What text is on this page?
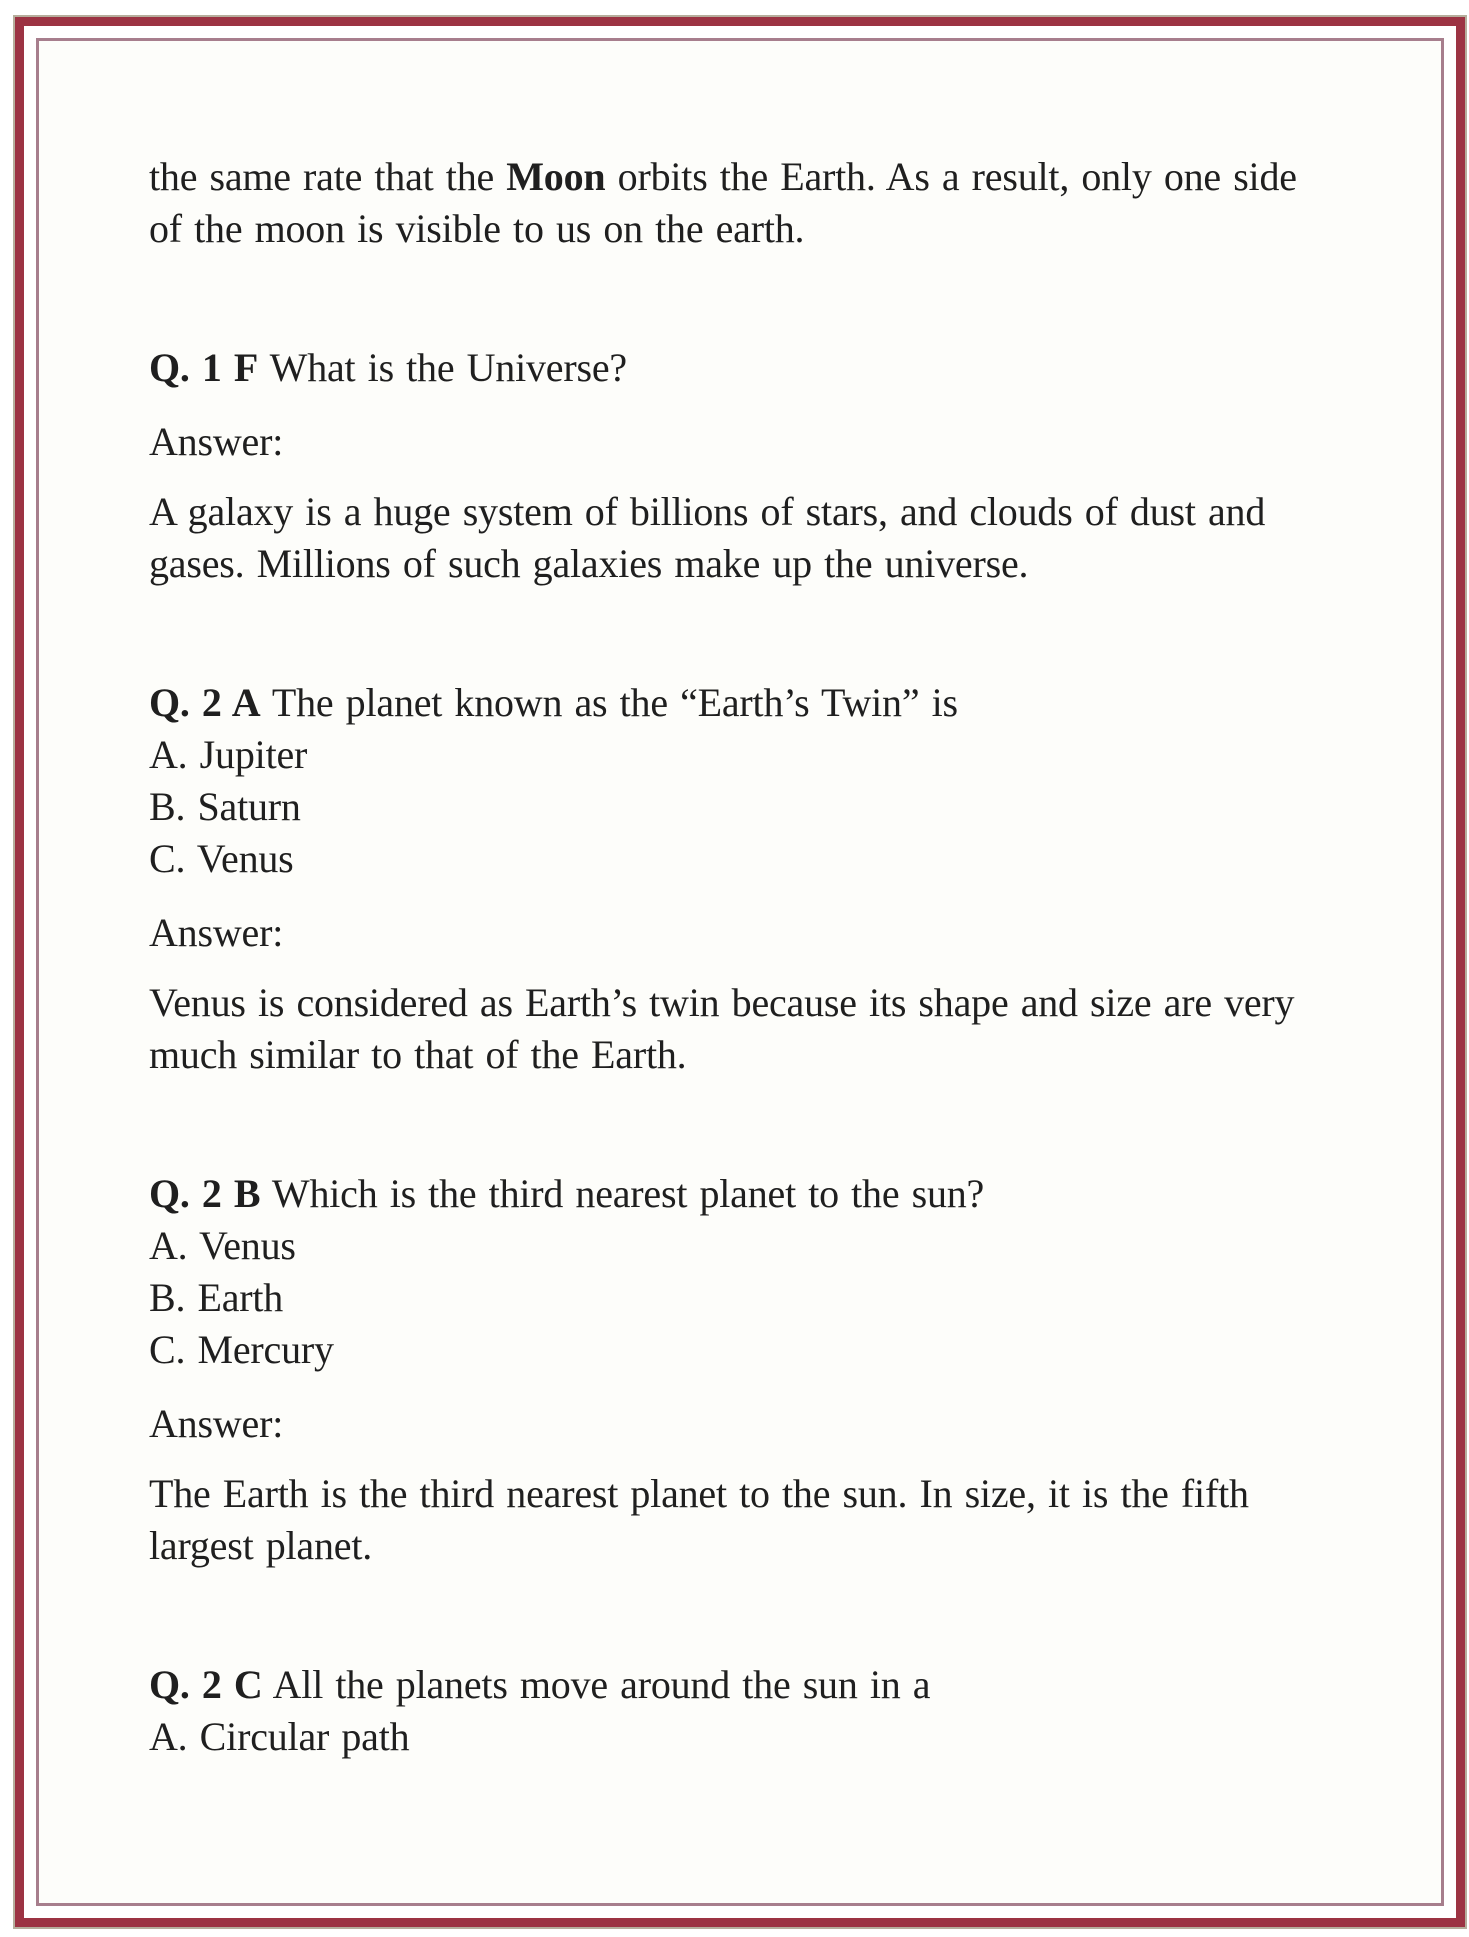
the same rate that the Moon orbits the Earth. As a result, only one side
of the moon is visible to us on the earth.
Q. 1 F What is the Universe?
Answer:
A galaxy is a huge system of billions of stars, and clouds of dust and
gases. Millions of such galaxies make up the universe.
Q. 2 A The planet known as the “Earth’s Twin” is
A. Jupiter
B. Saturn
C. Venus
Answer:
Venus is considered as Earth’s twin because its shape and size are very
much similar to that of the Earth.
Q. 2 B Which is the third nearest planet to the sun?
A. Venus
B. Earth
C. Mercury
Answer:
The Earth is the third nearest planet to the sun. In size, it is the fifth
largest planet.
Q. 2 C All the planets move around the sun in a
A. Circular path
